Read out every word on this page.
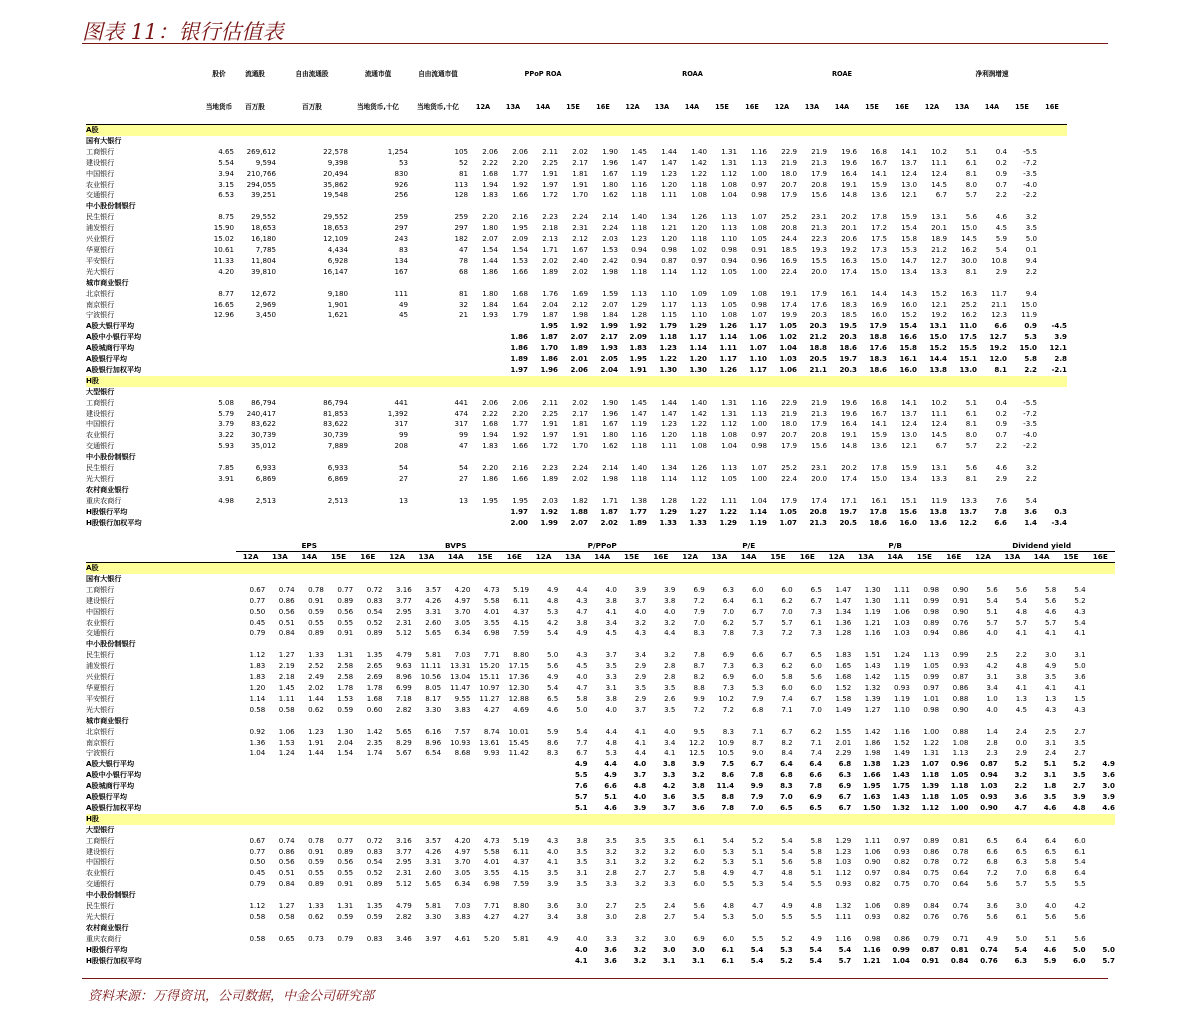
图表 11：银行估值表
	股价	流通股	自由流通股	流通市值	自由流通市值	PPoP ROA					ROAA					ROAE					净利润增速				
	当地货币	百万股	百万股	当地货币,十亿	当地货币,十亿	12A	13A	14A	15E	16E	12A	13A	14A	15E	16E	12A	13A	14A	15E	16E	12A	13A	14A	15E	16E
A股																									
国有大银行																									
工商银行	4.65	269,612	22,578	1,254	105	2.06	2.06	2.11	2.02	1.90	1.45	1.44	1.40	1.31	1.16	22.9	21.9	19.6	16.8	14.1	10.2	5.1	0.4	-5.5	
建设银行	5.54	9,594	9,398	53	52	2.22	2.20	2.25	2.17	1.96	1.47	1.47	1.42	1.31	1.13	21.9	21.3	19.6	16.7	13.7	11.1	6.1	0.2	-7.2	
中国银行	3.94	210,766	20,494	830	81	1.68	1.77	1.91	1.81	1.67	1.19	1.23	1.22	1.12	1.00	18.0	17.9	16.4	14.1	12.4	12.4	8.1	0.9	-3.5	
农业银行	3.15	294,055	35,862	926	113	1.94	1.92	1.97	1.91	1.80	1.16	1.20	1.18	1.08	0.97	20.7	20.8	19.1	15.9	13.0	14.5	8.0	0.7	-4.0	
交通银行	6.53	39,251	19,548	256	128	1.83	1.66	1.72	1.70	1.62	1.18	1.11	1.08	1.04	0.98	17.9	15.6	14.8	13.6	12.1	6.7	5.7	2.2	-2.2	
中小股份制银行																									
民生银行	8.75	29,552	29,552	259	259	2.20	2.16	2.23	2.24	2.14	1.40	1.34	1.26	1.13	1.07	25.2	23.1	20.2	17.8	15.9	13.1	5.6	4.6	3.2	
浦发银行	15.90	18,653	18,653	297	297	1.80	1.95	2.18	2.31	2.24	1.18	1.21	1.20	1.13	1.08	20.8	21.3	20.1	17.2	15.4	20.1	15.0	4.5	3.5	
兴业银行	15.02	16,180	12,109	243	182	2.07	2.09	2.13	2.12	2.03	1.23	1.20	1.18	1.10	1.05	24.4	22.3	20.6	17.5	15.8	18.9	14.5	5.9	5.0	
华夏银行	10.61	7,785	4,434	83	47	1.54	1.54	1.71	1.67	1.53	0.94	0.98	1.02	0.98	0.91	18.5	19.3	19.2	17.3	15.3	21.2	16.2	5.4	0.1	
平安银行	11.33	11,804	6,928	134	78	1.44	1.53	2.02	2.40	2.42	0.94	0.87	0.97	0.94	0.96	16.9	15.5	16.3	15.0	14.7	12.7	30.0	10.8	9.4	
光大银行	4.20	39,810	16,147	167	68	1.86	1.66	1.89	2.02	1.98	1.18	1.14	1.12	1.05	1.00	22.4	20.0	17.4	15.0	13.4	13.3	8.1	2.9	2.2	
城市商业银行																									
北京银行	8.77	12,672	9,180	111	81	1.80	1.68	1.76	1.69	1.59	1.13	1.10	1.09	1.09	1.08	19.1	17.9	16.1	14.4	14.3	15.2	16.3	11.7	9.4	
南京银行	16.65	2,969	1,901	49	32	1.84	1.64	2.04	2.12	2.07	1.29	1.17	1.13	1.05	0.98	17.4	17.6	18.3	16.9	16.0	12.1	25.2	21.1	15.0	
宁波银行	12.96	3,450	1,621	45	21	1.93	1.79	1.87	1.98	1.84	1.28	1.15	1.10	1.08	1.07	19.9	20.3	18.5	16.0	15.2	19.2	16.2	12.3	11.9	
A股大银行平均								1.95	1.92	1.99	1.92	1.79	1.29	1.26	1.17	1.05	20.3	19.5	17.9	15.4	13.1	11.0	6.6	0.9	-4.5
A股中小银行平均							1.86	1.87	2.07	2.17	2.09	1.18	1.17	1.14	1.06	1.02	21.2	20.3	18.8	16.6	15.0	17.5	12.7	5.3	3.9
A股城商行平均							1.86	1.70	1.89	1.93	1.83	1.23	1.14	1.11	1.07	1.04	18.8	18.6	17.6	15.8	15.2	15.5	19.2	15.0	12.1
A股银行平均							1.89	1.86	2.01	2.05	1.95	1.22	1.20	1.17	1.10	1.03	20.5	19.7	18.3	16.1	14.4	15.1	12.0	5.8	2.8
A股银行加权平均							1.97	1.96	2.06	2.04	1.91	1.30	1.30	1.26	1.17	1.06	21.1	20.3	18.6	16.0	13.8	13.0	8.1	2.2	-2.1
H股																									
大型银行																									
工商银行	5.08	86,794	86,794	441	441	2.06	2.06	2.11	2.02	1.90	1.45	1.44	1.40	1.31	1.16	22.9	21.9	19.6	16.8	14.1	10.2	5.1	0.4	-5.5	
建设银行	5.79	240,417	81,853	1,392	474	2.22	2.20	2.25	2.17	1.96	1.47	1.47	1.42	1.31	1.13	21.9	21.3	19.6	16.7	13.7	11.1	6.1	0.2	-7.2	
中国银行	3.79	83,622	83,622	317	317	1.68	1.77	1.91	1.81	1.67	1.19	1.23	1.22	1.12	1.00	18.0	17.9	16.4	14.1	12.4	12.4	8.1	0.9	-3.5	
农业银行	3.22	30,739	30,739	99	99	1.94	1.92	1.97	1.91	1.80	1.16	1.20	1.18	1.08	0.97	20.7	20.8	19.1	15.9	13.0	14.5	8.0	0.7	-4.0	
交通银行	5.93	35,012	7,889	208	47	1.83	1.66	1.72	1.70	1.62	1.18	1.11	1.08	1.04	0.98	17.9	15.6	14.8	13.6	12.1	6.7	5.7	2.2	-2.2	
中小股份制银行																									
民生银行	7.85	6,933	6,933	54	54	2.20	2.16	2.23	2.24	2.14	1.40	1.34	1.26	1.13	1.07	25.2	23.1	20.2	17.8	15.9	13.1	5.6	4.6	3.2	
光大银行	3.91	6,869	6,869	27	27	1.86	1.66	1.89	2.02	1.98	1.18	1.14	1.12	1.05	1.00	22.4	20.0	17.4	15.0	13.4	13.3	8.1	2.9	2.2	
农村商业银行																									
重庆农商行	4.98	2,513	2,513	13	13	1.95	1.95	2.03	1.82	1.71	1.38	1.28	1.22	1.11	1.04	17.9	17.4	17.1	16.1	15.1	11.9	13.3	7.6	5.4	
H股银行平均							1.97	1.92	1.88	1.87	1.77	1.29	1.27	1.22	1.14	1.05	20.8	19.7	17.8	15.6	13.8	13.7	7.8	3.6	0.3
H股银行加权平均							2.00	1.99	2.07	2.02	1.89	1.33	1.33	1.29	1.19	1.07	21.3	20.5	18.6	16.0	13.6	12.2	6.6	1.4	-3.4
	EPS					BVPS					P/PPoP					P/E					P/B					Dividend yield				
	12A	13A	14A	15E	16E	12A	13A	14A	15E	16E	12A	13A	14A	15E	16E	12A	13A	14A	15E	16E	12A	13A	14A	15E	16E	12A	13A	14A	15E	16E
A股																														
国有大银行																														
工商银行	0.67	0.74	0.78	0.77	0.72	3.16	3.57	4.20	4.73	5.19	4.9	4.4	4.0	3.9	3.9	6.9	6.3	6.0	6.0	6.5	1.47	1.30	1.11	0.98	0.90	5.6	5.6	5.8	5.4	
建设银行	0.77	0.86	0.91	0.89	0.83	3.77	4.26	4.97	5.58	6.11	4.8	4.3	3.8	3.7	3.8	7.2	6.4	6.1	6.2	6.7	1.47	1.30	1.11	0.99	0.91	5.4	5.4	5.6	5.2	
中国银行	0.50	0.56	0.59	0.56	0.54	2.95	3.31	3.70	4.01	4.37	5.3	4.7	4.1	4.0	4.0	7.9	7.0	6.7	7.0	7.3	1.34	1.19	1.06	0.98	0.90	5.1	4.8	4.6	4.3	
农业银行	0.45	0.51	0.55	0.55	0.52	2.31	2.60	3.05	3.55	4.15	4.2	3.8	3.4	3.2	3.2	7.0	6.2	5.7	5.7	6.1	1.36	1.21	1.03	0.89	0.76	5.7	5.7	5.7	5.4	
交通银行	0.79	0.84	0.89	0.91	0.89	5.12	5.65	6.34	6.98	7.59	5.4	4.9	4.5	4.3	4.4	8.3	7.8	7.3	7.2	7.3	1.28	1.16	1.03	0.94	0.86	4.0	4.1	4.1	4.1	
中小股份制银行																														
民生银行	1.12	1.27	1.33	1.31	1.35	4.79	5.81	7.03	7.71	8.80	5.0	4.3	3.7	3.4	3.2	7.8	6.9	6.6	6.7	6.5	1.83	1.51	1.24	1.13	0.99	2.5	2.2	3.0	3.1	
浦发银行	1.83	2.19	2.52	2.58	2.65	9.63	11.11	13.31	15.20	17.15	5.6	4.5	3.5	2.9	2.8	8.7	7.3	6.3	6.2	6.0	1.65	1.43	1.19	1.05	0.93	4.2	4.8	4.9	5.0	
兴业银行	1.83	2.18	2.49	2.58	2.69	8.96	10.56	13.04	15.11	17.36	4.9	4.0	3.3	2.9	2.8	8.2	6.9	6.0	5.8	5.6	1.68	1.42	1.15	0.99	0.87	3.1	3.8	3.5	3.6	
华夏银行	1.20	1.45	2.02	1.78	1.78	6.99	8.05	11.47	10.97	12.30	5.4	4.7	3.1	3.5	3.5	8.8	7.3	5.3	6.0	6.0	1.52	1.32	0.93	0.97	0.86	3.4	4.1	4.1	4.1	
平安银行	1.14	1.11	1.44	1.53	1.68	7.18	8.17	9.55	11.27	12.88	6.5	5.8	3.8	2.9	2.6	9.9	10.2	7.9	7.4	6.7	1.58	1.39	1.19	1.01	0.88	1.0	1.3	1.3	1.5	
光大银行	0.58	0.58	0.62	0.59	0.60	2.82	3.30	3.83	4.27	4.69	4.6	5.0	4.0	3.7	3.5	7.2	7.2	6.8	7.1	7.0	1.49	1.27	1.10	0.98	0.90	4.0	4.5	4.3	4.3	
城市商业银行																														
北京银行	0.92	1.06	1.23	1.30	1.42	5.65	6.16	7.57	8.74	10.01	5.9	5.4	4.4	4.1	4.0	9.5	8.3	7.1	6.7	6.2	1.55	1.42	1.16	1.00	0.88	1.4	2.4	2.5	2.7	
南京银行	1.36	1.53	1.91	2.04	2.35	8.29	8.96	10.93	13.61	15.45	8.6	7.7	4.8	4.1	3.4	12.2	10.9	8.7	8.2	7.1	2.01	1.86	1.52	1.22	1.08	2.8	0.0	3.1	3.5	
宁波银行	1.04	1.24	1.44	1.54	1.74	5.67	6.54	8.68	9.93	11.42	8.3	6.7	5.3	4.4	4.1	12.5	10.5	9.0	8.4	7.4	2.29	1.98	1.49	1.31	1.13	2.3	2.9	2.4	2.7	
A股大银行平均												4.9	4.4	4.0	3.8	3.9	7.5	6.7	6.4	6.4	6.8	1.38	1.23	1.07	0.96	0.87	5.2	5.1	5.2	4.9
A股中小银行平均												5.5	4.9	3.7	3.3	3.2	8.6	7.8	6.8	6.6	6.3	1.66	1.43	1.18	1.05	0.94	3.2	3.1	3.5	3.6
A股城商行平均												7.6	6.6	4.8	4.2	3.8	11.4	9.9	8.3	7.8	6.9	1.95	1.75	1.39	1.18	1.03	2.2	1.8	2.7	3.0
A股银行平均												5.7	5.1	4.0	3.6	3.5	8.8	7.9	7.0	6.9	6.7	1.63	1.43	1.18	1.05	0.93	3.6	3.5	3.9	3.9
A股银行加权平均												5.1	4.6	3.9	3.7	3.6	7.8	7.0	6.5	6.5	6.7	1.50	1.32	1.12	1.00	0.90	4.7	4.6	4.8	4.6
H股																														
大型银行																														
工商银行	0.67	0.74	0.78	0.77	0.72	3.16	3.57	4.20	4.73	5.19	4.3	3.8	3.5	3.5	3.5	6.1	5.4	5.2	5.4	5.8	1.29	1.11	0.97	0.89	0.81	6.5	6.4	6.4	6.0	
建设银行	0.77	0.86	0.91	0.89	0.83	3.77	4.26	4.97	5.58	6.11	4.0	3.5	3.2	3.2	3.2	6.0	5.3	5.1	5.4	5.8	1.23	1.06	0.93	0.86	0.78	6.6	6.5	6.5	6.1	
中国银行	0.50	0.56	0.59	0.56	0.54	2.95	3.31	3.70	4.01	4.37	4.1	3.5	3.1	3.2	3.2	6.2	5.3	5.1	5.6	5.8	1.03	0.90	0.82	0.78	0.72	6.8	6.3	5.8	5.4	
农业银行	0.45	0.51	0.55	0.55	0.52	2.31	2.60	3.05	3.55	4.15	3.5	3.1	2.8	2.7	2.7	5.8	4.9	4.7	4.8	5.1	1.12	0.97	0.84	0.75	0.64	7.2	7.0	6.8	6.4	
交通银行	0.79	0.84	0.89	0.91	0.89	5.12	5.65	6.34	6.98	7.59	3.9	3.5	3.3	3.2	3.3	6.0	5.5	5.3	5.4	5.5	0.93	0.82	0.75	0.70	0.64	5.6	5.7	5.5	5.5	
中小股份制银行																														
民生银行	1.12	1.27	1.33	1.31	1.35	4.79	5.81	7.03	7.71	8.80	3.6	3.0	2.7	2.5	2.4	5.6	4.8	4.7	4.9	4.8	1.32	1.06	0.89	0.84	0.74	3.6	3.0	4.0	4.2	
光大银行	0.58	0.58	0.62	0.59	0.59	2.82	3.30	3.83	4.27	4.27	3.4	3.8	3.0	2.8	2.7	5.4	5.3	5.0	5.5	5.5	1.11	0.93	0.82	0.76	0.76	5.6	6.1	5.6	5.6	
农村商业银行																														
重庆农商行	0.58	0.65	0.73	0.79	0.83	3.46	3.97	4.61	5.20	5.81	4.9	4.0	3.3	3.2	3.0	6.9	6.0	5.5	5.2	4.9	1.16	0.98	0.86	0.79	0.71	4.9	5.0	5.1	5.6	
H股银行平均												4.0	3.6	3.2	3.0	3.0	6.1	5.4	5.3	5.4	5.4	1.16	0.99	0.87	0.81	0.74	5.4	4.6	5.0	5.0
H股银行加权平均												4.1	3.6	3.2	3.1	3.1	6.1	5.4	5.2	5.4	5.7	1.21	1.04	0.91	0.84	0.76	6.3	5.9	6.0	5.7
资料来源：万得资讯，公司数据，中金公司研究部
